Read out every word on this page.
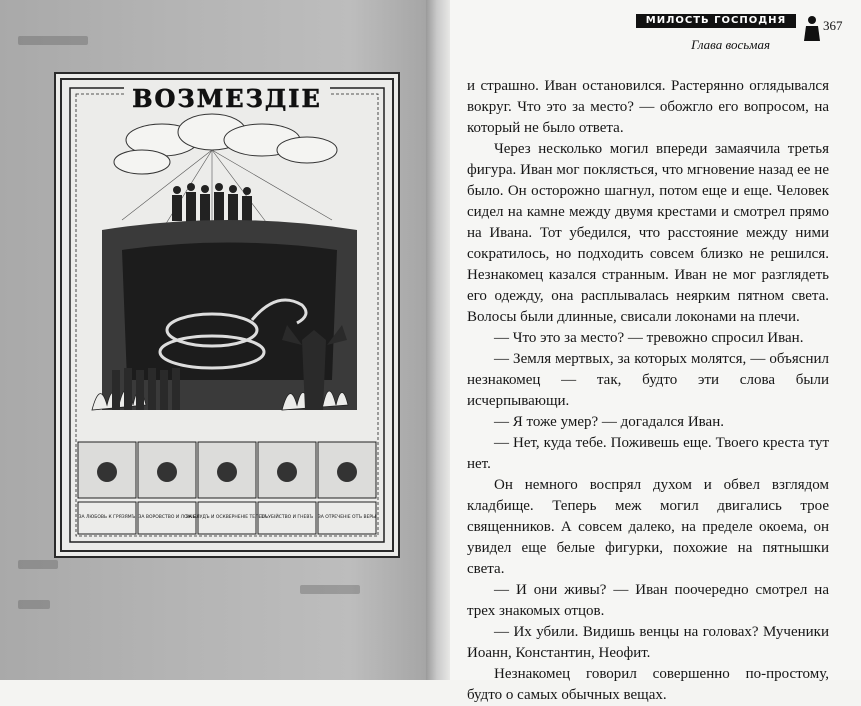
ВОЗМЕЗДІЕ
ЗА ЛЮБОВЬ К ГРЯЗЯМЪ ЗА ВОРОВСТВО И ЛОЖЬ
ЗА БЛУДЪ И ОСКВЕРНЕНІЕ ТЕЛЕСЪ
ЗА УБІЙСТВО И ГНЕВЪ ЗА ОТРЕЧЕНІЕ ОТЪ ВЕРЫ
МИЛОСТЬ ГОСПОДНЯ
Глава восьмая
367

и страшно. Иван остановился. Растерянно оглядывался вокруг. Что это за место? — обожгло его вопросом, на который не было ответа.

Через несколько могил впереди замаячила третья фигура. Иван мог поклясться, что мгновение назад ее не было. Он осторожно шагнул, потом еще и еще. Человек сидел на камне между двумя крестами и смотрел прямо на Ивана. Тот убедился, что расстояние между ними сократилось, но подходить совсем близко не решился. Незнакомец казался странным. Иван не мог разглядеть его одежду, она расплывалась неярким пятном света. Волосы были длинные, свисали локонами на плечи.

— Что это за место? — тревожно спросил Иван.

— Земля мертвых, за которых молятся, — объяснил незнакомец — так, будто эти слова были исчерпывающи.

— Я тоже умер? — догадался Иван.

— Нет, куда тебе. Поживешь еще. Твоего креста тут нет.

Он немного воспрял духом и обвел взглядом кладбище. Теперь меж могил двигались трое священников. А совсем далеко, на пределе окоема, он увидел еще белые фигурки, похожие на пятнышки света.

— И они живы? — Иван поочередно смотрел на трех знакомых отцов.

— Их убили. Видишь венцы на головах? Мученики Иоанн, Константин, Неофит.

Незнакомец говорил совершенно по-простому, будто о самых обычных вещах.
